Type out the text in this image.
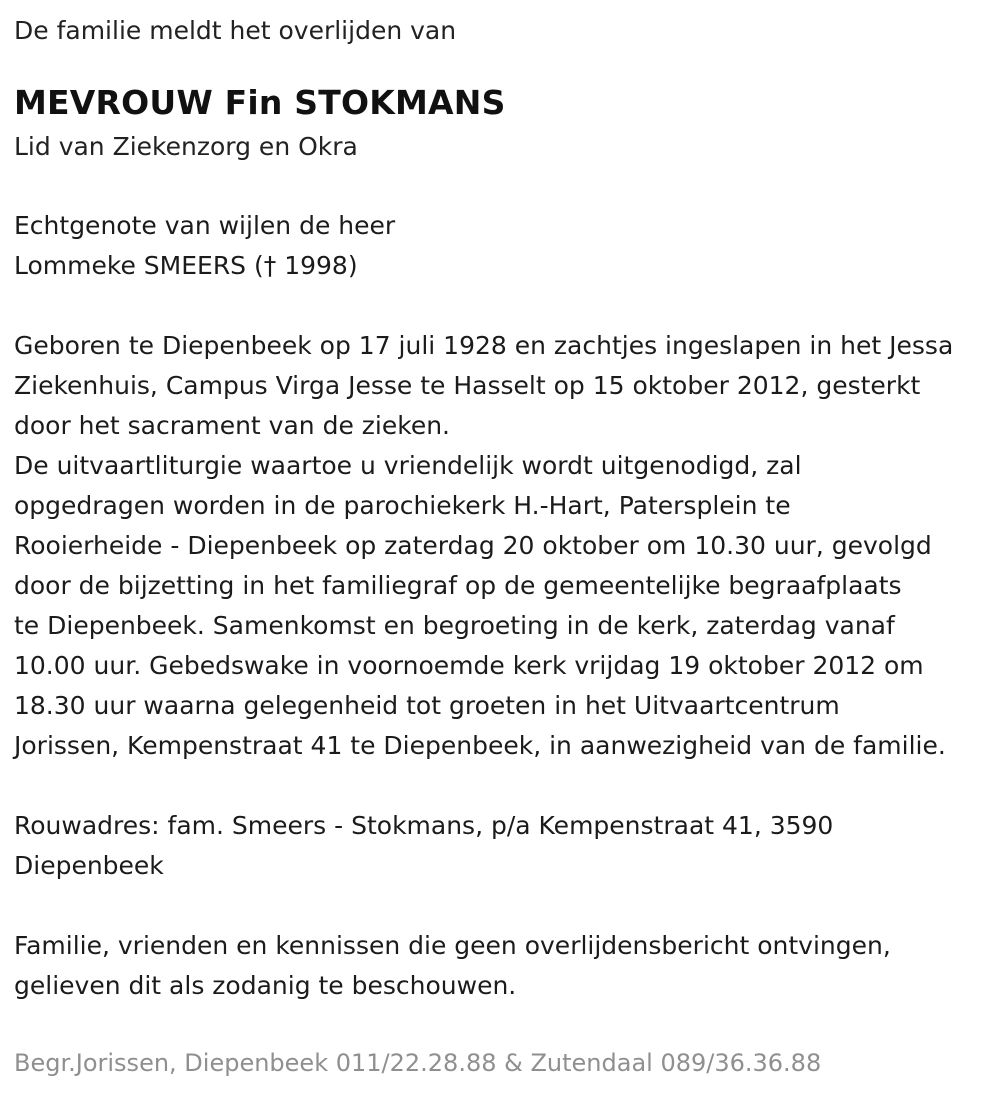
De familie meldt het overlijden van
MEVROUW Fin STOKMANS
Lid van Ziekenzorg en Okra
Echtgenote van wijlen de heer
Lommeke SMEERS († 1998)
Geboren te Diepenbeek op 17 juli 1928 en zachtjes ingeslapen in het Jessa
Ziekenhuis, Campus Virga Jesse te Hasselt op 15 oktober 2012, gesterkt
door het sacrament van de zieken.
De uitvaartliturgie waartoe u vriendelijk wordt uitgenodigd, zal
opgedragen worden in de parochiekerk H.-Hart, Patersplein te
Rooierheide - Diepenbeek op zaterdag 20 oktober om 10.30 uur, gevolgd
door de bijzetting in het familiegraf op de gemeentelijke begraafplaats
te Diepenbeek. Samenkomst en begroeting in de kerk, zaterdag vanaf
10.00 uur. Gebedswake in voornoemde kerk vrijdag 19 oktober 2012 om
18.30 uur waarna gelegenheid tot groeten in het Uitvaartcentrum
Jorissen, Kempenstraat 41 te Diepenbeek, in aanwezigheid van de familie.
Rouwadres: fam. Smeers - Stokmans, p/a Kempenstraat 41, 3590
Diepenbeek
Familie, vrienden en kennissen die geen overlijdensbericht ontvingen,
gelieven dit als zodanig te beschouwen.
Begr.Jorissen, Diepenbeek 011/22.28.88 & Zutendaal 089/36.36.88
